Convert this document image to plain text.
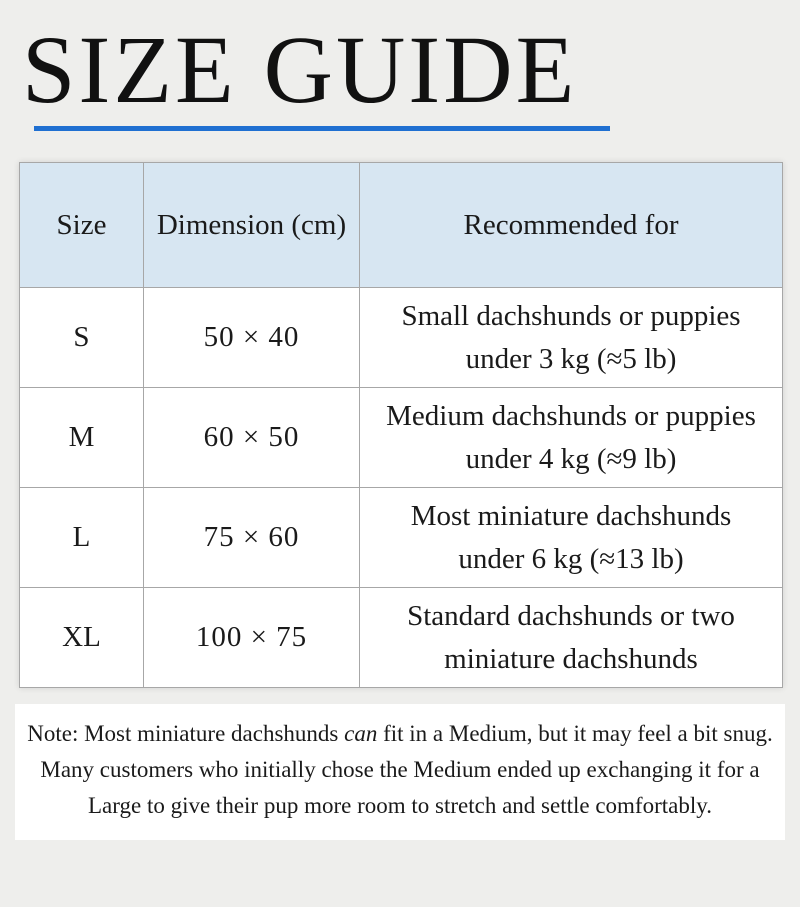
SIZE GUIDE
Size	Dimension (cm)	Recommended for
S	50 × 40	Small dachshunds or puppies
under 3 kg (≈5 lb)
M	60 × 50	Medium dachshunds or puppies
under 4 kg (≈9 lb)
L	75 × 60	Most miniature dachshunds
under 6 kg (≈13 lb)
XL	100 × 75	Standard dachshunds or two
miniature dachshunds
Note: Most miniature dachshunds can fit in a Medium, but it may feel a bit snug. Many customers who initially chose the Medium ended up exchanging it for a Large to give their pup more room to stretch and settle comfortably.
